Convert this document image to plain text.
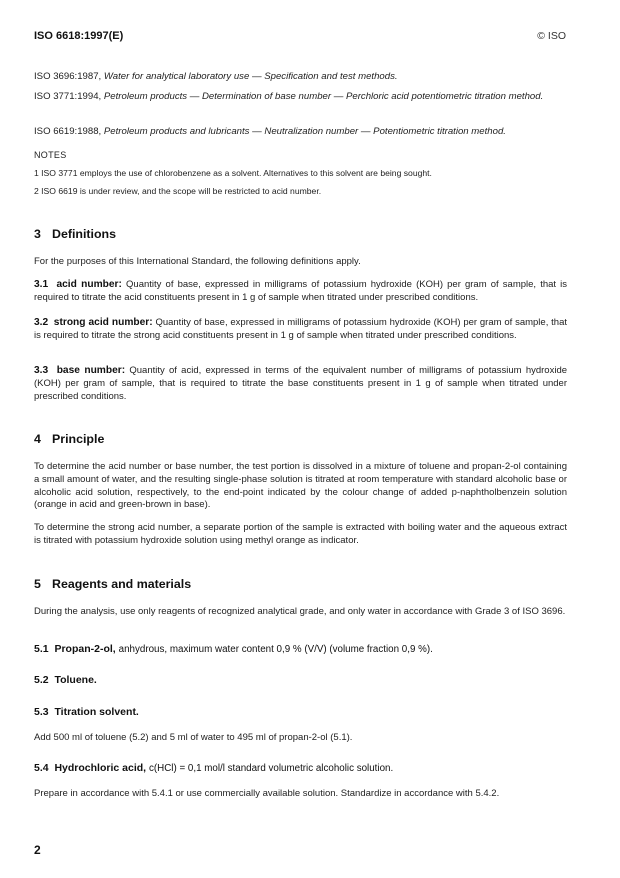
ISO 6618:1997(E)	© ISO

ISO 3696:1987, Water for analytical laboratory use — Specification and test methods.

ISO 3771:1994, Petroleum products — Determination of base number — Perchloric acid potentiometric titration method.

ISO 6619:1988, Petroleum products and lubricants — Neutralization number — Potentiometric titration method.

NOTES
1 ISO 3771 employs the use of chlorobenzene as a solvent. Alternatives to this solvent are being sought.
2 ISO 6619 is under review, and the scope will be restricted to acid number.
3 Definitions

For the purposes of this International Standard, the following definitions apply.

3.1 acid number: Quantity of base, expressed in milligrams of potassium hydroxide (KOH) per gram of sample, that is required to titrate the acid constituents present in 1 g of sample when titrated under prescribed conditions.

3.2 strong acid number: Quantity of base, expressed in milligrams of potassium hydroxide (KOH) per gram of sample, that is required to titrate the strong acid constituents present in 1 g of sample when titrated under prescribed conditions.

3.3 base number: Quantity of acid, expressed in terms of the equivalent number of milligrams of potassium hydroxide (KOH) per gram of sample, that is required to titrate the base constituents present in 1 g of sample when titrated under prescribed conditions.

4 Principle

To determine the acid number or base number, the test portion is dissolved in a mixture of toluene and propan-2-ol containing a small amount of water, and the resulting single-phase solution is titrated at room temperature with standard alcoholic base or alcoholic acid solution, respectively, to the end-point indicated by the colour change of added p-naphtholbenzein solution (orange in acid and green-brown in base).

To determine the strong acid number, a separate portion of the sample is extracted with boiling water and the aqueous extract is titrated with potassium hydroxide solution using methyl orange as indicator.

5 Reagents and materials

During the analysis, use only reagents of recognized analytical grade, and only water in accordance with Grade 3 of ISO 3696.

5.1 Propan-2-ol, anhydrous, maximum water content 0,9 % (V/V) (volume fraction 0,9 %).
5.2 Toluene.
5.3 Titration solvent.

Add 500 ml of toluene (5.2) and 5 ml of water to 495 ml of propan-2-ol (5.1).

5.4 Hydrochloric acid, c(HCl) = 0,1 mol/l standard volumetric alcoholic solution.

Prepare in accordance with 5.4.1 or use commercially available solution. Standardize in accordance with 5.4.2.

2
